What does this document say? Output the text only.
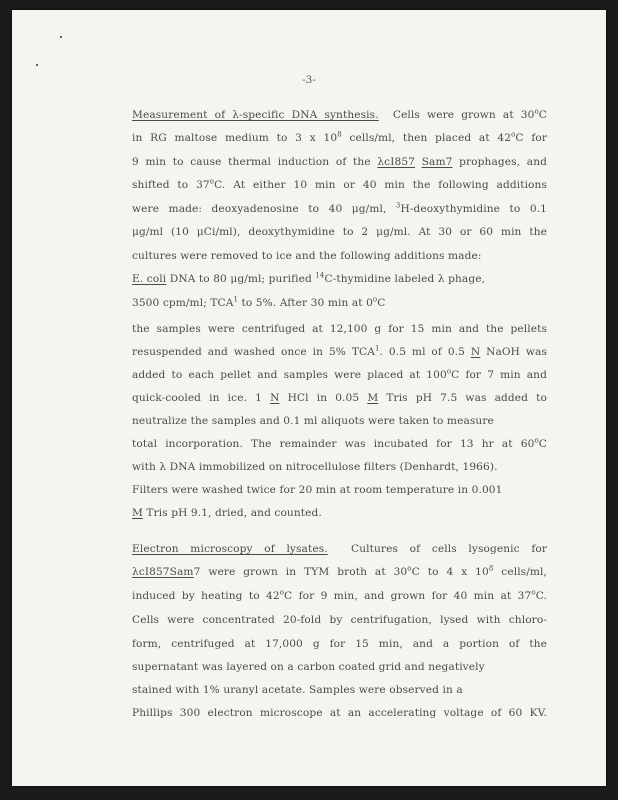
-3-
Measurement of λ-specific DNA synthesis. Cells were grown at 30$^o$C
in RG maltose medium to 3 x $10^8$ cells/ml, then placed at 42$^o$C for
9 min to cause thermal induction of the λcI857 Sam7 prophages, and
shifted to 37$^o$C. At either 10 min or 40 min the following additions
were made: deoxyadenosine to 40 μg/ml, $^3$H-deoxythymidine to 0.1
μg/ml (10 μCi/ml), deoxythymidine to 2 μg/ml. At 30 or 60 min the
cultures were removed to ice and the following additions made:
E. coli DNA to 80 μg/ml; purified $^{14}$C-thymidine labeled λ phage,
3500 cpm/ml; TCA$^1$ to 5%. After 30 min at 0$^o$C
the samples were centrifuged at 12,100 g for 15 min and the pellets
resuspended and washed once in 5% TCA$^1$. 0.5 ml of 0.5 N NaOH was
added to each pellet and samples were placed at 100$^o$C for 7 min and
quick-cooled in ice. 1 N HCl in 0.05 M Tris pH 7.5 was added to
neutralize the samples and 0.1 ml aliquots were taken to measure
total incorporation. The remainder was incubated for 13 hr at 60$^o$C
with λ DNA immobilized on nitrocellulose filters (Denhardt, 1966).
Filters were washed twice for 20 min at room temperature in 0.001
M Tris pH 9.1, dried, and counted.
Electron microscopy of lysates. Cultures of cells lysogenic for
λcI857Sam7 were grown in TYM broth at 30$^o$C to 4 x $10^8$ cells/ml,
induced by heating to 42$^o$C for 9 min, and grown for 40 min at 37$^o$C.
Cells were concentrated 20-fold by centrifugation, lysed with chloro-
form, centrifuged at 17,000 g for 15 min, and a portion of the
supernatant was layered on a carbon coated grid and negatively
stained with 1% uranyl acetate. Samples were observed in a
Phillips 300 electron microscope at an accelerating voltage of 60 KV.
